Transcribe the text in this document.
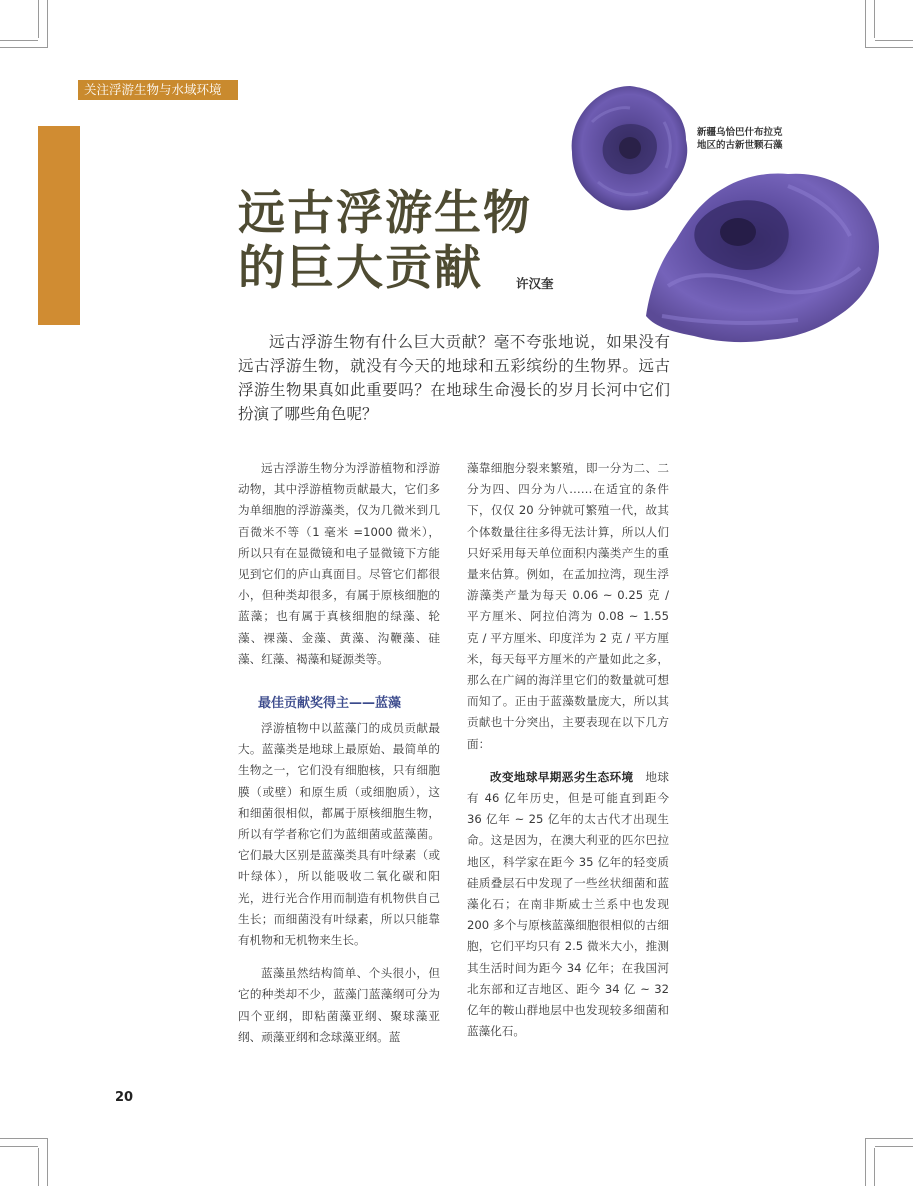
关注浮游生物与水域环境
新疆乌恰巴什布拉克
地区的古新世颗石藻
远古浮游生物
的巨大贡献	许汉奎

远古浮游生物有什么巨大贡献？毫不夸张地说，如果没有远古浮游生物，就没有今天的地球和五彩缤纷的生物界。远古浮游生物果真如此重要吗？在地球生命漫长的岁月长河中它们扮演了哪些角色呢？

远古浮游生物分为浮游植物和浮游动物，其中浮游植物贡献最大，它们多为单细胞的浮游藻类，仅为几微米到几百微米不等（1 毫米 =1000 微米），所以只有在显微镜和电子显微镜下方能见到它们的庐山真面目。尽管它们都很小，但种类却很多，有属于原核细胞的蓝藻；也有属于真核细胞的绿藻、轮藻、裸藻、金藻、黄藻、沟鞭藻、硅藻、红藻、褐藻和疑源类等。

最佳贡献奖得主——蓝藻

浮游植物中以蓝藻门的成员贡献最大。蓝藻类是地球上最原始、最简单的生物之一，它们没有细胞核，只有细胞膜（或壁）和原生质（或细胞质），这和细菌很相似，都属于原核细胞生物，所以有学者称它们为蓝细菌或蓝藻菌。它们最大区别是蓝藻类具有叶绿素（或叶绿体），所以能吸收二氧化碳和阳光，进行光合作用而制造有机物供自己生长；而细菌没有叶绿素，所以只能靠有机物和无机物来生长。

蓝藻虽然结构简单、个头很小，但它的种类却不少，蓝藻门蓝藻纲可分为四个亚纲，即粘菌藻亚纲、聚球藻亚纲、顽藻亚纲和念球藻亚纲。蓝

藻靠细胞分裂来繁殖，即一分为二、二分为四、四分为八……在适宜的条件下，仅仅 20 分钟就可繁殖一代，故其个体数量往往多得无法计算，所以人们只好采用每天单位面积内藻类产生的重量来估算。例如，在孟加拉湾，现生浮游藻类产量为每天 0.06 ~ 0.25 克 / 平方厘米、阿拉伯湾为 0.08 ~ 1.55 克 / 平方厘米、印度洋为 2 克 / 平方厘米，每天每平方厘米的产量如此之多，那么在广阔的海洋里它们的数量就可想而知了。正由于蓝藻数量庞大，所以其贡献也十分突出，主要表现在以下几方面：

改变地球早期恶劣生态环境　地球有 46 亿年历史，但是可能直到距今 36 亿年 ~ 25 亿年的太古代才出现生命。这是因为，在澳大利亚的匹尔巴拉地区，科学家在距今 35 亿年的轻变质硅质叠层石中发现了一些丝状细菌和蓝藻化石；在南非斯威士兰系中也发现 200 多个与原核蓝藻细胞很相似的古细胞，它们平均只有 2.5 微米大小，推测其生活时间为距今 34 亿年；在我国河北东部和辽吉地区、距今 34 亿 ~ 32 亿年的鞍山群地层中也发现较多细菌和蓝藻化石。

20
